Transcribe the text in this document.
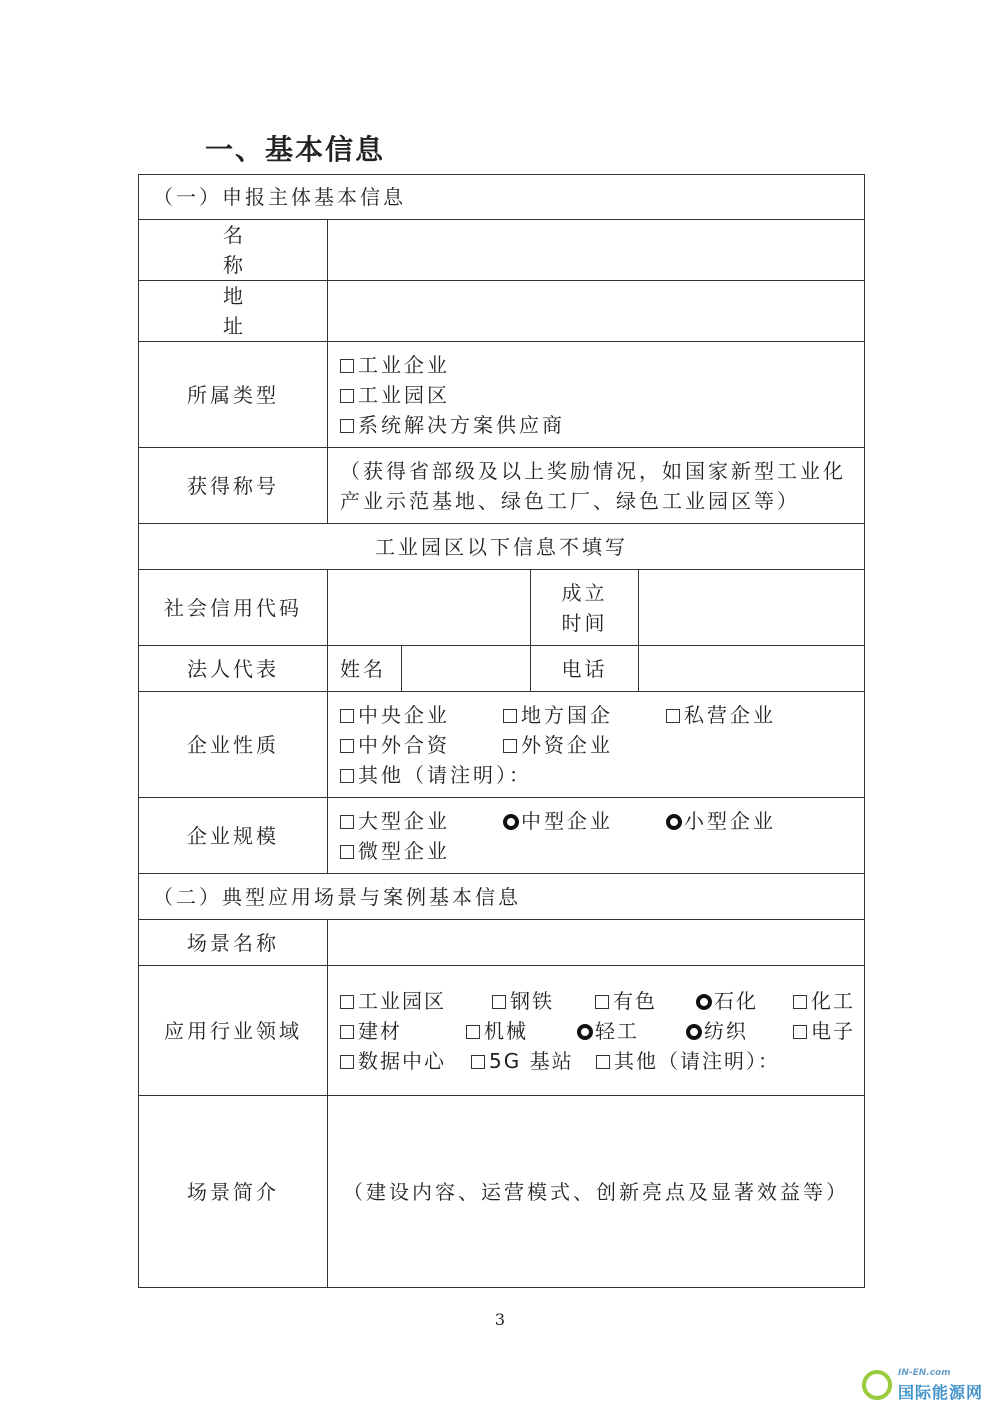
一、基本信息
（一）申报主体基本信息				
名 称				
地 址				
所属类型	工业企业
工业园区
系统解决方案供应商			
获得称号	（获得省部级及以上奖励情况，如国家新型工业化产业示范基地、绿色工厂、绿色工业园区等）			
工业园区以下信息不填写				
社会信用代码			成立时间	
法人代表	姓名		电话	
企业性质	中央企业 地方国企 私营企业
中外合资 外资企业
其他（请注明）：			

企业规模	大型企业 中型企业 小型企业
微型企业			

（二）典型应用场景与案例基本信息				
场景名称				
应用行业领域	工业园区 钢铁 有色 石化 化工
建材 机械 轻工 纺织 电子
数据中心 5G 基站 其他（请注明）：			

场景简介	（建设内容、运营模式、创新亮点及显著效益等）			
3
IN-EN.com
国际能源网
